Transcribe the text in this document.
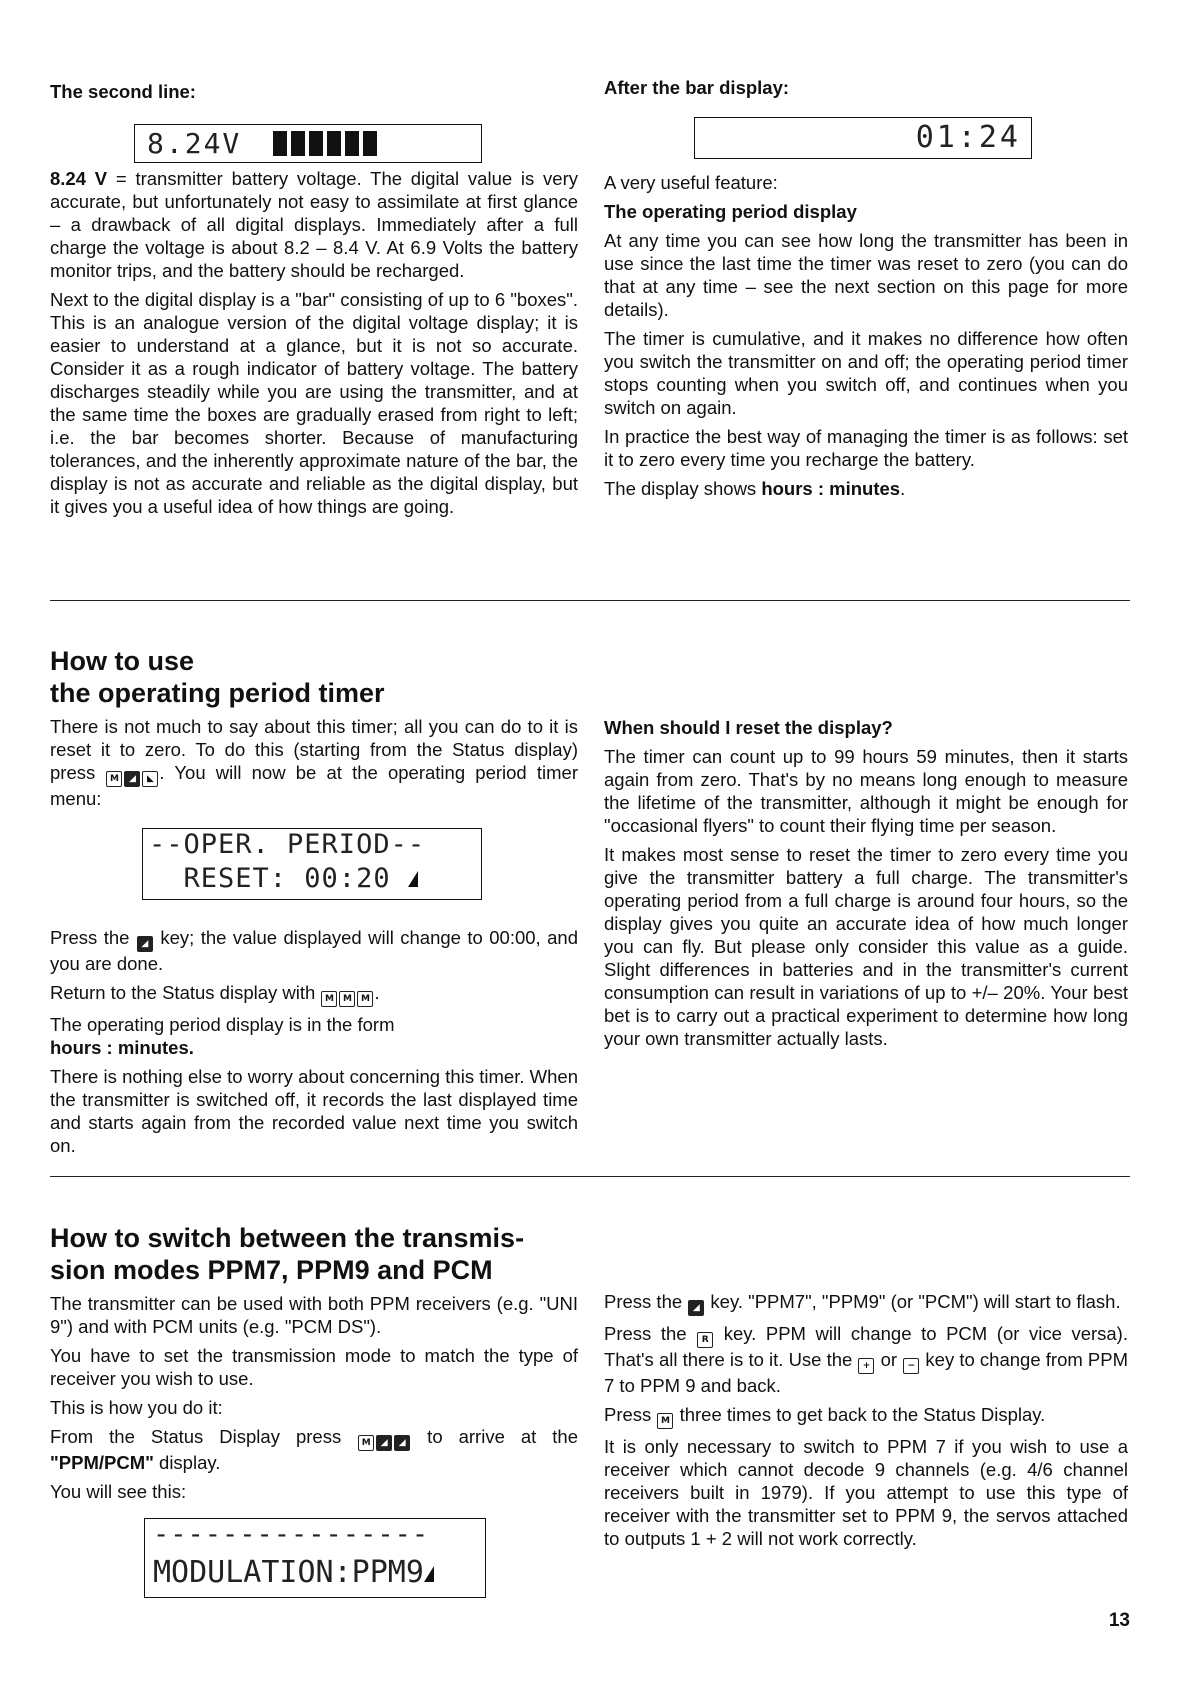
The second line:

8.24 V = transmitter battery voltage. The digital value is very accurate, but unfortunately not easy to assimilate at first glance – a drawback of all digital displays. Immediately after a full charge the voltage is about 8.2 – 8.4 V. At 6.9 Volts the battery monitor trips, and the battery should be recharged.

Next to the digital display is a "bar" consisting of up to 6 "boxes". This is an analogue version of the digital voltage display; it is easier to understand at a glance, but it is not so accurate. Consider it as a rough indicator of battery voltage. The battery discharges steadily while you are using the transmitter, and at the same time the boxes are gradually erased from right to left; i.e. the bar becomes shorter. Because of manufacturing tolerances, and the inherently approximate nature of the bar, the display is not as accurate and reliable as the digital display, but it gives you a useful idea of how things are going.

8.24V
After the bar display:

A very useful feature:

The operating period display

At any time you can see how long the transmitter has been in use since the last time the timer was reset to zero (you can do that at any time – see the next section on this page for more details).

The timer is cumulative, and it makes no difference how often you switch the transmitter on and off; the operating period timer stops counting when you switch off, and continues when you switch on again.

In practice the best way of managing the timer is as follows: set it to zero every time you recharge the battery.

The display shows hours : minutes.

01:24
How to use
the operating period timer

There is not much to say about this timer; all you can do to it is reset it to zero. To do this (starting from the Status display) press M ◢ ◣ . You will now be at the operating period timer menu:

Press the ◢ key; the value displayed will change to 00:00, and you are done.

Return to the Status display with M M M .

The operating period display is in the form
hours : minutes.

There is nothing else to worry about concerning this timer. When the transmitter is switched off, it records the last displayed time and starts again from the recorded value next time you switch on.

--OPER. PERIOD--
RESET: 00:20
When should I reset the display?

The timer can count up to 99 hours 59 minutes, then it starts again from zero. That's by no means long enough to measure the lifetime of the transmitter, although it might be enough for "occasional flyers" to count their flying time per season.

It makes most sense to reset the timer to zero every time you give the transmitter battery a full charge. The transmitter's operating period from a full charge is around four hours, so the display gives you quite an accurate idea of how much longer you can fly. But please only consider this value as a guide. Slight differences in batteries and in the transmitter's current consumption can result in variations of up to +/– 20%. Your best bet is to carry out a practical experiment to determine how long your own transmitter actually lasts.

How to switch between the transmis-
sion modes PPM7, PPM9 and PCM

The transmitter can be used with both PPM receivers (e.g. "UNI 9") and with PCM units (e.g. "PCM DS").

You have to set the transmission mode to match the type of receiver you wish to use.

This is how you do it:

From the Status Display press M ◢ ◢ to arrive at the "PPM/PCM" display.

You will see this:

----------------
MODULATION:PPM9

Press the ◢ key. "PPM7", "PPM9" (or "PCM") will start to flash.

Press the R key. PPM will change to PCM (or vice versa). That's all there is to it. Use the + or − key to change from PPM 7 to PPM 9 and back.

Press M three times to get back to the Status Display.

It is only necessary to switch to PPM 7 if you wish to use a receiver which cannot decode 9 channels (e.g. 4/6 channel receivers built in 1979). If you attempt to use this type of receiver with the transmitter set to PPM 9, the servos attached to outputs 1 + 2 will not work correctly.

13
